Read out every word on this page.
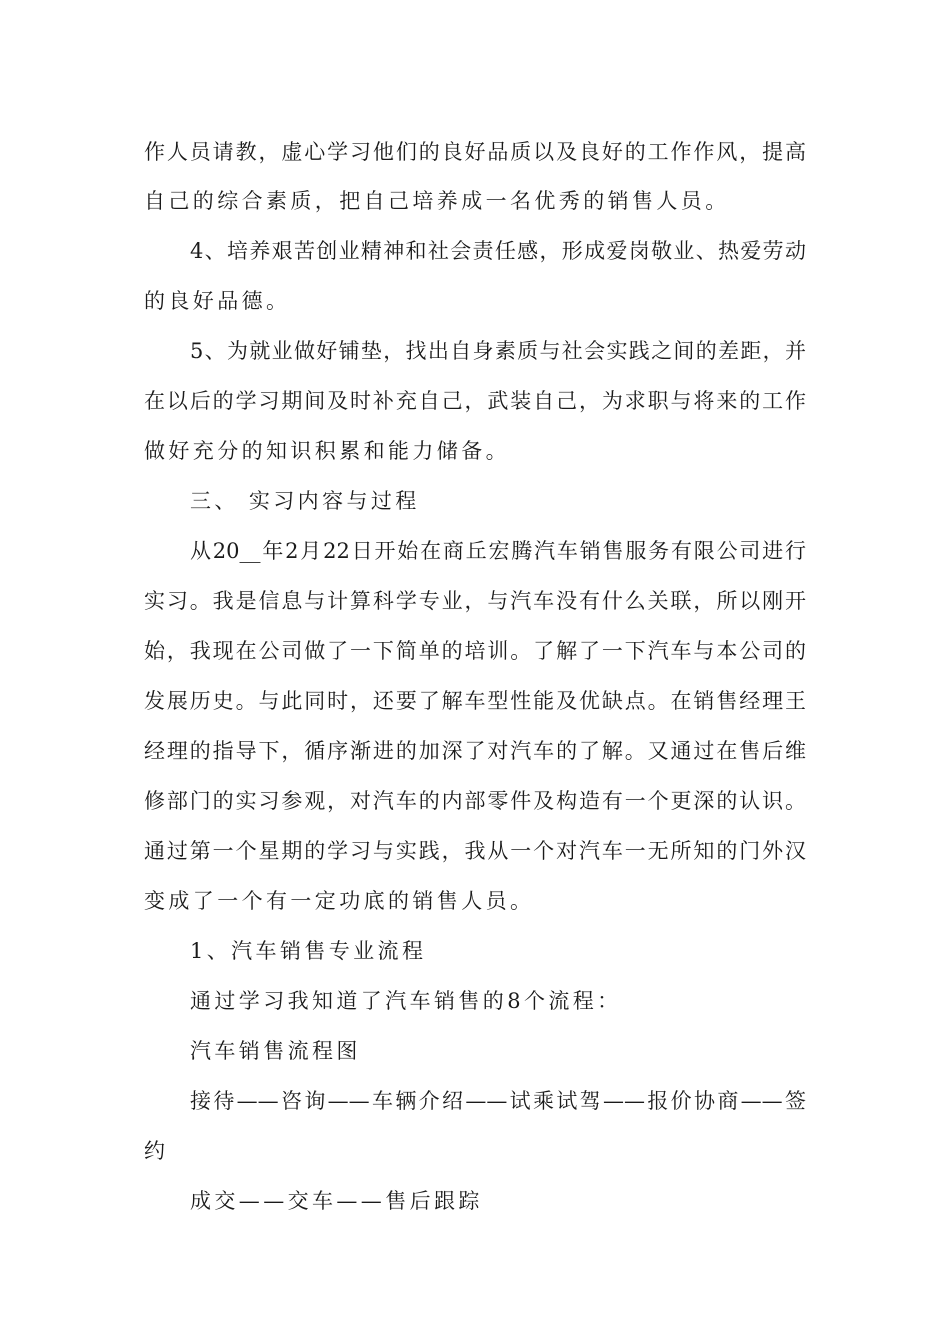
作人员请教，虚心学习他们的良好品质以及良好的工作作风，提高
自己的综合素质，把自己培养成一名优秀的销售人员。
4、培养艰苦创业精神和社会责任感，形成爱岗敬业、热爱劳动
的良好品德。
5、为就业做好铺垫，找出自身素质与社会实践之间的差距，并
在以后的学习期间及时补充自己，武装自己，为求职与将来的工作
做好充分的知识积累和能力储备。
三、 实习内容与过程
从20__年2月22日开始在商丘宏腾汽车销售服务有限公司进行
实习。我是信息与计算科学专业，与汽车没有什么关联，所以刚开
始，我现在公司做了一下简单的培训。了解了一下汽车与本公司的
发展历史。与此同时，还要了解车型性能及优缺点。在销售经理王
经理的指导下，循序渐进的加深了对汽车的了解。又通过在售后维
修部门的实习参观，对汽车的内部零件及构造有一个更深的认识。
通过第一个星期的学习与实践，我从一个对汽车一无所知的门外汉
变成了一个有一定功底的销售人员。
1、汽车销售专业流程
通过学习我知道了汽车销售的8个流程：
汽车销售流程图
接待——咨询——车辆介绍——试乘试驾——报价协商——签
约
成交——交车——售后跟踪
